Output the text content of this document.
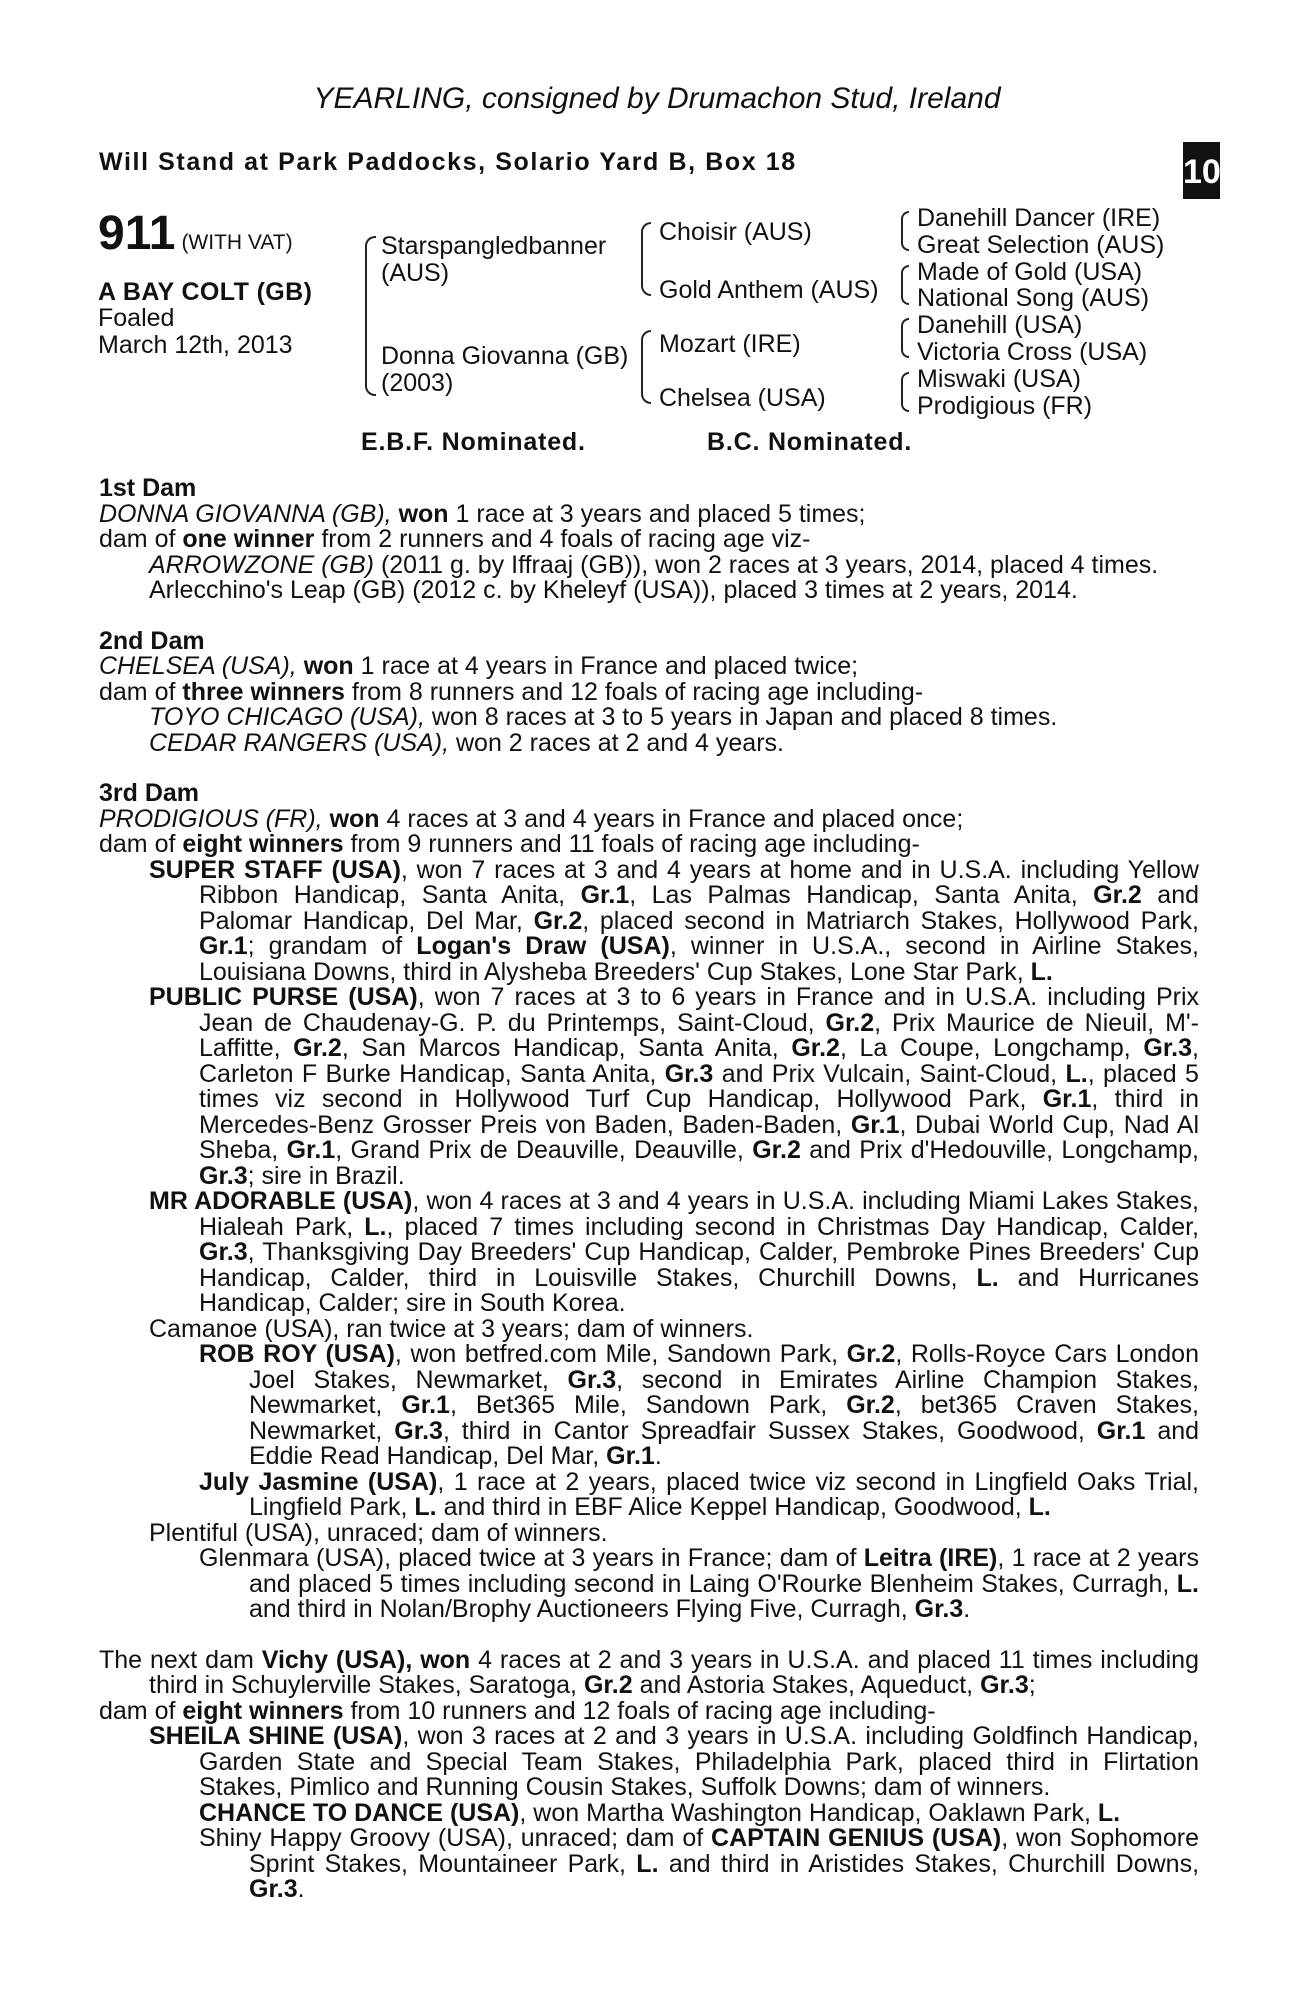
YEARLING, consigned by Drumachon Stud, Ireland
Will Stand at Park Paddocks, Solario Yard B, Box 18
+
10
911 (WITH VAT)
A BAY COLT (GB)
Foaled
March 12th, 2013
Starspangledbanner
(AUS)
Donna Giovanna (GB)
(2003)
Choisir (AUS)
Gold Anthem (AUS)
Mozart (IRE)
Chelsea (USA)
Danehill Dancer (IRE)
Great Selection (AUS)
Made of Gold (USA)
National Song (AUS)
Danehill (USA)
Victoria Cross (USA)
Miswaki (USA)
Prodigious (FR)
E.B.F. Nominated.	B.C. Nominated.
1st Dam

DONNA GIOVANNA (GB), won 1 race at 3 years and placed 5 times;

dam of one winner from 2 runners and 4 foals of racing age viz-

ARROWZONE (GB) (2011 g. by Iffraaj (GB)), won 2 races at 3 years, 2014, placed 4 times.

Arlecchino's Leap (GB) (2012 c. by Kheleyf (USA)), placed 3 times at 2 years, 2014.

2nd Dam

CHELSEA (USA), won 1 race at 4 years in France and placed twice;

dam of three winners from 8 runners and 12 foals of racing age including-

TOYO CHICAGO (USA), won 8 races at 3 to 5 years in Japan and placed 8 times.

CEDAR RANGERS (USA), won 2 races at 2 and 4 years.

3rd Dam

PRODIGIOUS (FR), won 4 races at 3 and 4 years in France and placed once;

dam of eight winners from 9 runners and 11 foals of racing age including-

SUPER STAFF (USA), won 7 races at 3 and 4 years at home and in U.S.A. including Yellow Ribbon Handicap, Santa Anita, Gr.1, Las Palmas Handicap, Santa Anita, Gr.2 and Palomar Handicap, Del Mar, Gr.2, placed second in Matriarch Stakes, Hollywood Park, Gr.1; grandam of Logan's Draw (USA), winner in U.S.A., second in Airline Stakes, Louisiana Downs, third in Alysheba Breeders' Cup Stakes, Lone Star Park, L.

PUBLIC PURSE (USA), won 7 races at 3 to 6 years in France and in U.S.A. including Prix Jean de Chaudenay-G. P. du Printemps, Saint-Cloud, Gr.2, Prix Maurice de Nieuil, M'-Laffitte, Gr.2, San Marcos Handicap, Santa Anita, Gr.2, La Coupe, Longchamp, Gr.3, Carleton F Burke Handicap, Santa Anita, Gr.3 and Prix Vulcain, Saint-Cloud, L., placed 5 times viz second in Hollywood Turf Cup Handicap, Hollywood Park, Gr.1, third in Mercedes-Benz Grosser Preis von Baden, Baden-Baden, Gr.1, Dubai World Cup, Nad Al Sheba, Gr.1, Grand Prix de Deauville, Deauville, Gr.2 and Prix d'Hedouville, Longchamp, Gr.3; sire in Brazil.

MR ADORABLE (USA), won 4 races at 3 and 4 years in U.S.A. including Miami Lakes Stakes, Hialeah Park, L., placed 7 times including second in Christmas Day Handicap, Calder, Gr.3, Thanksgiving Day Breeders' Cup Handicap, Calder, Pembroke Pines Breeders' Cup Handicap, Calder, third in Louisville Stakes, Churchill Downs, L. and Hurricanes Handicap, Calder; sire in South Korea.

Camanoe (USA), ran twice at 3 years; dam of winners.

ROB ROY (USA), won betfred.com Mile, Sandown Park, Gr.2, Rolls-Royce Cars London Joel Stakes, Newmarket, Gr.3, second in Emirates Airline Champion Stakes, Newmarket, Gr.1, Bet365 Mile, Sandown Park, Gr.2, bet365 Craven Stakes, Newmarket, Gr.3, third in Cantor Spreadfair Sussex Stakes, Goodwood, Gr.1 and Eddie Read Handicap, Del Mar, Gr.1.

July Jasmine (USA), 1 race at 2 years, placed twice viz second in Lingfield Oaks Trial, Lingfield Park, L. and third in EBF Alice Keppel Handicap, Goodwood, L.

Plentiful (USA), unraced; dam of winners.

Glenmara (USA), placed twice at 3 years in France; dam of Leitra (IRE), 1 race at 2 years and placed 5 times including second in Laing O'Rourke Blenheim Stakes, Curragh, L. and third in Nolan/Brophy Auctioneers Flying Five, Curragh, Gr.3.

The next dam Vichy (USA), won 4 races at 2 and 3 years in U.S.A. and placed 11 times including third in Schuylerville Stakes, Saratoga, Gr.2 and Astoria Stakes, Aqueduct, Gr.3;

dam of eight winners from 10 runners and 12 foals of racing age including-

SHEILA SHINE (USA), won 3 races at 2 and 3 years in U.S.A. including Goldfinch Handicap, Garden State and Special Team Stakes, Philadelphia Park, placed third in Flirtation Stakes, Pimlico and Running Cousin Stakes, Suffolk Downs; dam of winners.

CHANCE TO DANCE (USA), won Martha Washington Handicap, Oaklawn Park, L.

Shiny Happy Groovy (USA), unraced; dam of CAPTAIN GENIUS (USA), won Sophomore Sprint Stakes, Mountaineer Park, L. and third in Aristides Stakes, Churchill Downs, Gr.3.
